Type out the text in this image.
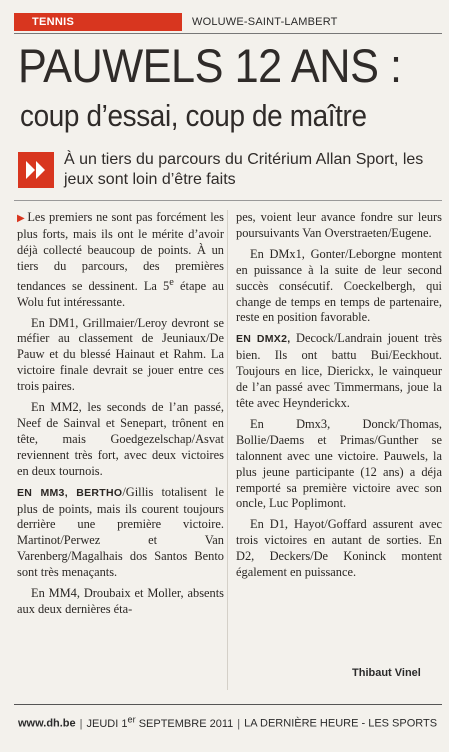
TENNIS	WOLUWE-SAINT-LAMBERT
PAUWELS 12 ANS :
coup d’essai, coup de maître
À un tiers du parcours du Critérium Allan Sport, les jeux sont loin d’être faits

▶ Les premiers ne sont pas forcément les plus forts, mais ils ont le mérite d’avoir déjà collecté beaucoup de points. À un tiers du parcours, des premières tendances se dessinent. La 5e étape au Wolu fut intéressante.

En DM1, Grillmaier/Leroy devront se méfier au classement de Jeuniaux/De Pauw et du blessé Hainaut et Rahm. La victoire finale devrait se jouer entre ces trois paires.

En MM2, les seconds de l’an passé, Neef de Sainval et Senepart, trônent en tête, mais Goedgezelschap/Asvat reviennent très fort, avec deux victoires en deux tournois.

EN MM3, BERTHO/Gillis totalisent le plus de points, mais ils courent toujours derrière une première victoire. Martinot/Perwez et Van Varenberg/Magalhais dos Santos Bento sont très menaçants.

En MM4, Droubaix et Moller, absents aux deux dernières éta-

pes, voient leur avance fondre sur leurs poursuivants Van Overstraeten/Eugene.

En DMx1, Gonter/Leborgne montent en puissance à la suite de leur second succès consécutif. Coeckelbergh, qui change de temps en temps de partenaire, reste en position favorable.

EN DMX2, Decock/Landrain jouent très bien. Ils ont battu Bui/Eeckhout. Toujours en lice, Dierickx, le vainqueur de l’an passé avec Timmermans, joue la tête avec Heynderickx.

En Dmx3, Donck/Thomas, Bollie/Daems et Primas/Gunther se talonnent avec une victoire. Pauwels, la plus jeune participante (12 ans) a déja remporté sa première victoire avec son oncle, Luc Poplimont.

En D1, Hayot/Goffard assurent avec trois victoires en autant de sorties. En D2, Deckers/De Koninck montent également en puissance.

Thibaut Vinel
www.dh.be | JEUDI 1er SEPTEMBRE 2011 | LA DERNIÈRE HEURE - LES SPORTS
